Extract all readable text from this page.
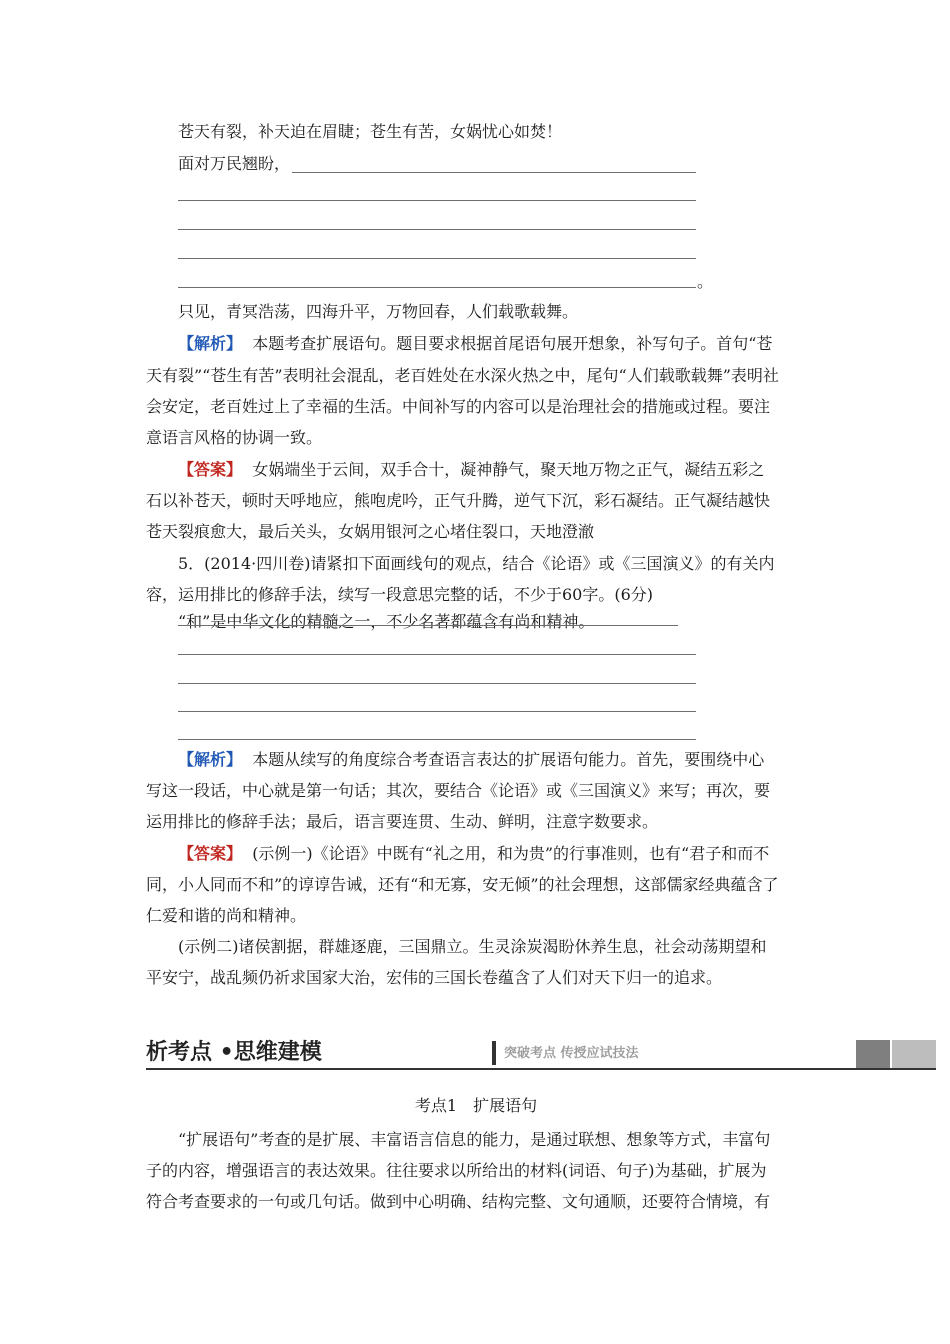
苍天有裂，补天迫在眉睫；苍生有苦，女娲忧心如焚！
面对万民翘盼，
。
只见，青冥浩荡，四海升平，万物回春，人们载歌载舞。
【解析】 本题考查扩展语句。题目要求根据首尾语句展开想象，补写句子。首句“苍
天有裂”“苍生有苦”表明社会混乱，老百姓处在水深火热之中，尾句“人们载歌载舞”表明社
会安定，老百姓过上了幸福的生活。中间补写的内容可以是治理社会的措施或过程。要注
意语言风格的协调一致。
【答案】 女娲端坐于云间，双手合十，凝神静气，聚天地万物之正气，凝结五彩之
石以补苍天，顿时天呼地应，熊咆虎吟，正气升腾，逆气下沉，彩石凝结。正气凝结越快
苍天裂痕愈大，最后关头，女娲用银河之心堵住裂口，天地澄澈
5．(2014·四川卷)请紧扣下面画线句的观点，结合《论语》或《三国演义》的有关内
容，运用排比的修辞手法，续写一段意思完整的话，不少于60字。(6分)
“和”是中华文化的精髓之一，不少名著都蕴含有尚和精神。
【解析】 本题从续写的角度综合考查语言表达的扩展语句能力。首先，要围绕中心
写这一段话，中心就是第一句话；其次，要结合《论语》或《三国演义》来写；再次，要
运用排比的修辞手法；最后，语言要连贯、生动、鲜明，注意字数要求。
【答案】 (示例一)《论语》中既有“礼之用，和为贵”的行事准则，也有“君子和而不
同，小人同而不和”的谆谆告诫，还有“和无寡，安无倾”的社会理想，这部儒家经典蕴含了
仁爱和谐的尚和精神。
(示例二)诸侯割据，群雄逐鹿，三国鼎立。生灵涂炭渴盼休养生息，社会动荡期望和
平安宁，战乱频仍祈求国家大治，宏伟的三国长卷蕴含了人们对天下归一的追求。
析考点 •思维建模	突破考点 传授应试技法
考点1　扩展语句
“扩展语句”考查的是扩展、丰富语言信息的能力，是通过联想、想象等方式，丰富句
子的内容，增强语言的表达效果。往往要求以所给出的材料(词语、句子)为基础，扩展为
符合考查要求的一句或几句话。做到中心明确、结构完整、文句通顺，还要符合情境，有
